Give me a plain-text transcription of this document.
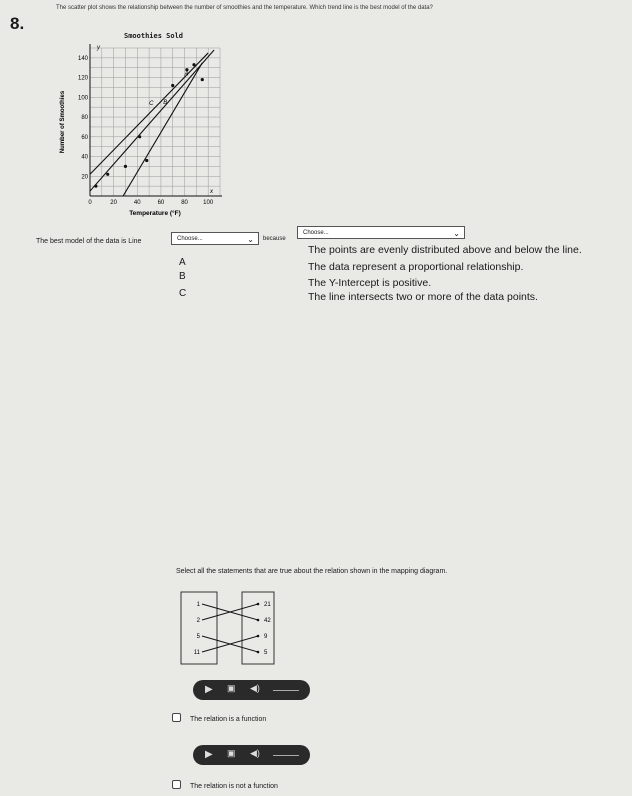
8.
The scatter plot shows the relationship between the number of smoothies and the temperature. Which trend line is the best model of the data?
Smoothies Sold
y
x
0	20	40	60	80	100
20
40
60
80
100
120
140
Temperature (°F)
Number of Smoothies
A
B
C
The best model of the data is Line	Choose...	⌄ because
Choose...	⌄
A
B
C
The points are evenly distributed above and below the line.
The data represent a proportional relationship.
The Y-Intercept is positive.
The line intersects two or more of the data points.
Select all the statements that are true about the relation shown in the mapping diagram.
1
2
5
11
21
42
9
5
▶ ▣ ◀)
The relation is a function
▶ ▣ ◀)
The relation is not a function
